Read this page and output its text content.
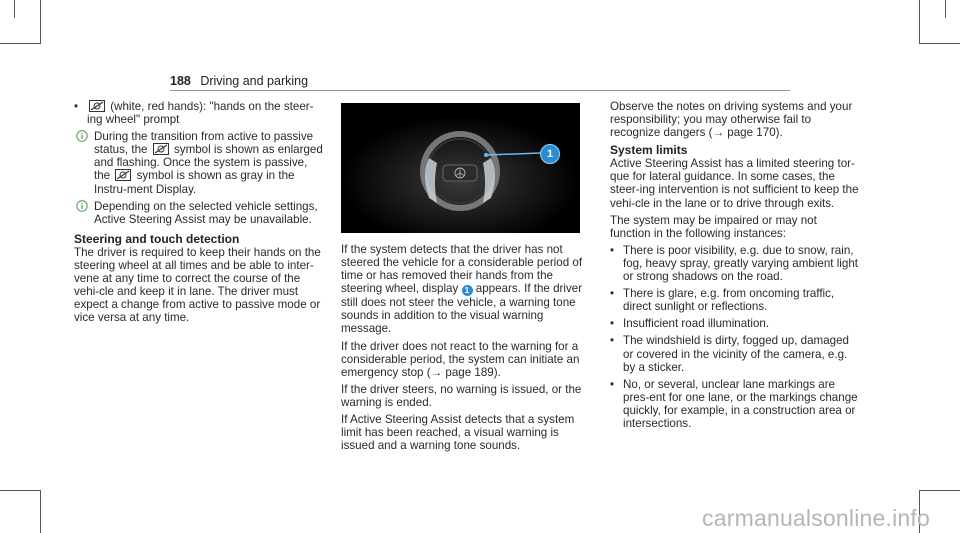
188 Driving and parking
•	(white, red hands): "hands on the steer-ing wheel" prompt
During the transition from active to passive status, the symbol is shown as enlarged and flashing. Once the system is passive, the symbol is shown as gray in the Instru-ment Display.
Depending on the selected vehicle settings, Active Steering Assist may be unavailable.
Steering and touch detection

The driver is required to keep their hands on the steering wheel at all times and be able to inter-vene at any time to correct the course of the vehi-cle and keep it in lane. The driver must expect a change from active to passive mode or vice versa at any time.

1

If the system detects that the driver has not steered the vehicle for a considerable period of time or has removed their hands from the steering wheel, display 1 appears. If the driver still does not steer the vehicle, a warning tone sounds in addition to the visual warning message.

If the driver does not react to the warning for a considerable period, the system can initiate an emergency stop (→ page 189).

If the driver steers, no warning is issued, or the warning is ended.

If Active Steering Assist detects that a system limit has been reached, a visual warning is issued and a warning tone sounds.

Observe the notes on driving systems and your responsibility; you may otherwise fail to recognize dangers (→ page 170).

System limits

Active Steering Assist has a limited steering tor-que for lateral guidance. In some cases, the steer-ing intervention is not sufficient to keep the vehi-cle in the lane or to drive through exits.

The system may be impaired or may not function in the following instances:

• There is poor visibility, e.g. due to snow, rain, fog, heavy spray, greatly varying ambient light or strong shadows on the road.
• There is glare, e.g. from oncoming traffic, direct sunlight or reflections.
• Insufficient road illumination.
• The windshield is dirty, fogged up, damaged or covered in the vicinity of the camera, e.g. by a sticker.
• No, or several, unclear lane markings are pres-ent for one lane, or the markings change quickly, for example, in a construction area or intersections.
carmanualsonline.info
